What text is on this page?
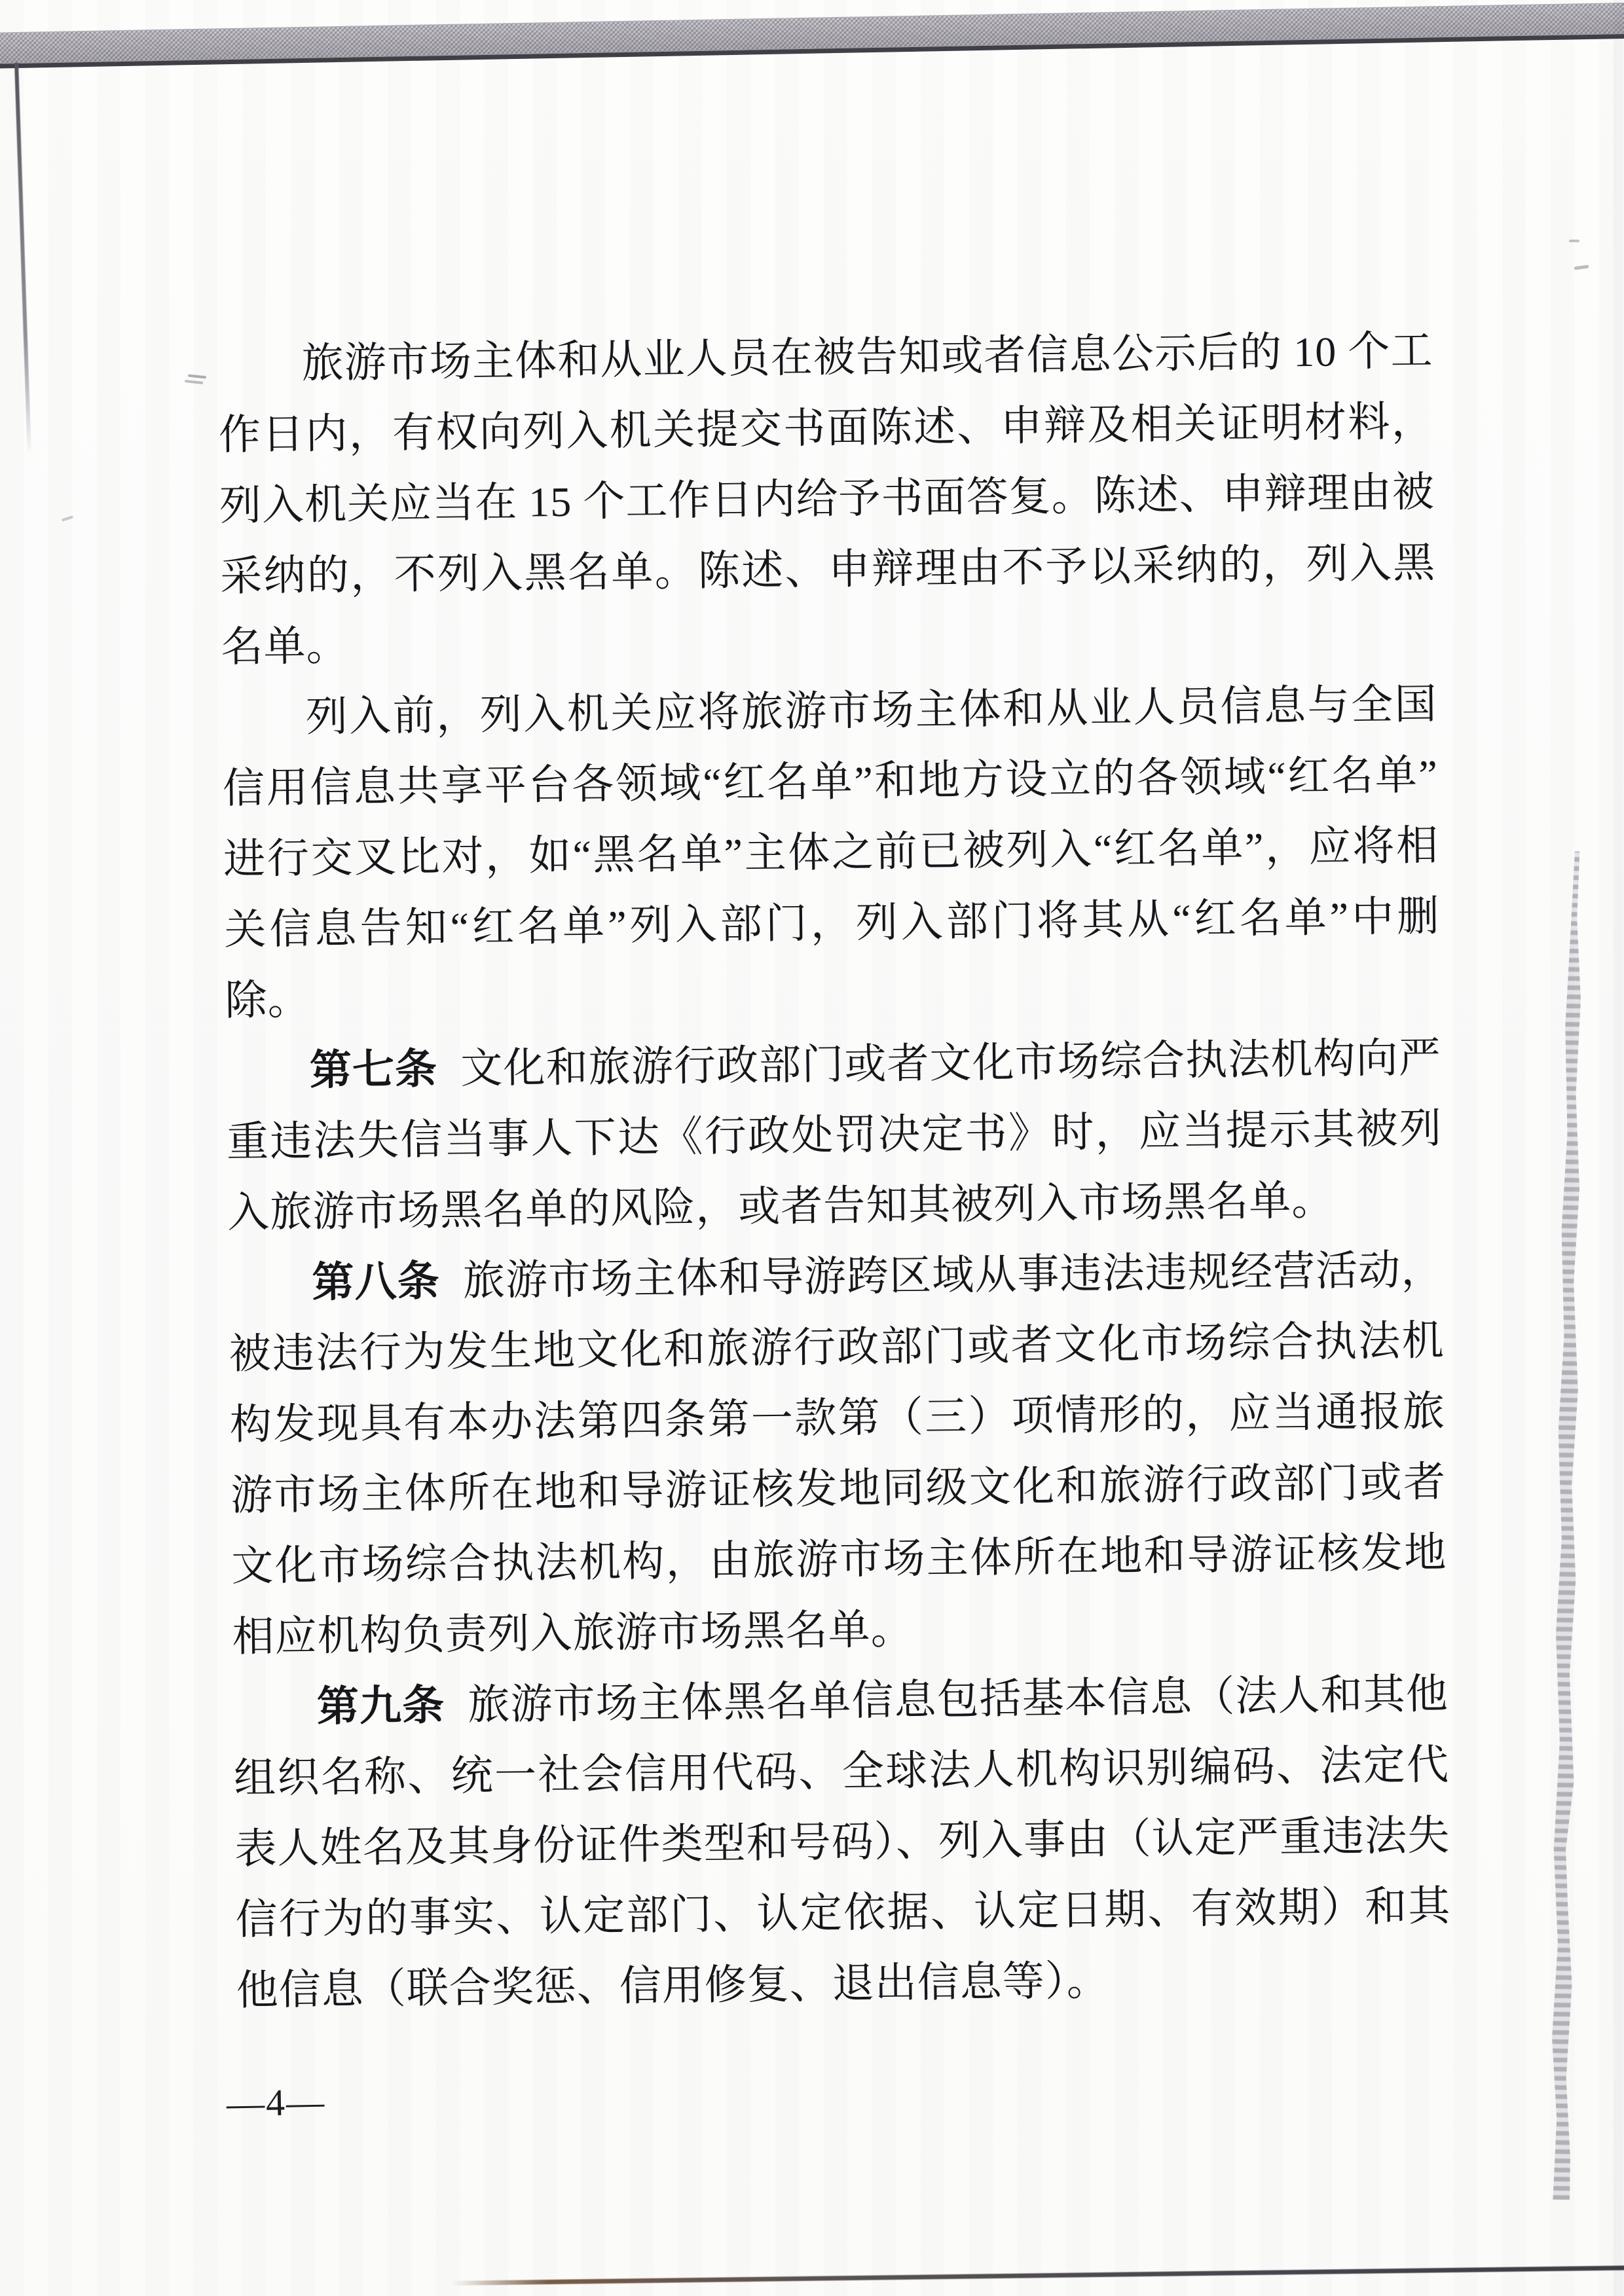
旅游市场主体和从业人员在被告知或者信息公示后的 10 个工作日内，有权向列入机关提交书面陈述、申辩及相关证明材料，列入机关应当在 15 个工作日内给予书面答复。陈述、申辩理由被采纳的，不列入黑名单。陈述、申辩理由不予以采纳的，列入黑名单。
列入前，列入机关应将旅游市场主体和从业人员信息与全国信用信息共享平台各领域“红名单”和地方设立的各领域“红名单”进行交叉比对，如“黑名单”主体之前已被列入“红名单”，应将相关信息告知“红名单”列入部门，列入部门将其从“红名单”中删除。
第七条 文化和旅游行政部门或者文化市场综合执法机构向严重违法失信当事人下达《行政处罚决定书》时，应当提示其被列入旅游市场黑名单的风险，或者告知其被列入市场黑名单。
第八条 旅游市场主体和导游跨区域从事违法违规经营活动，被违法行为发生地文化和旅游行政部门或者文化市场综合执法机构发现具有本办法第四条第一款第（三）项情形的，应当通报旅游市场主体所在地和导游证核发地同级文化和旅游行政部门或者文化市场综合执法机构，由旅游市场主体所在地和导游证核发地相应机构负责列入旅游市场黑名单。
第九条 旅游市场主体黑名单信息包括基本信息（法人和其他组织名称、统一社会信用代码、全球法人机构识别编码、法定代表人姓名及其身份证件类型和号码）、列入事由（认定严重违法失信行为的事实、认定部门、认定依据、认定日期、有效期）和其他信息（联合奖惩、信用修复、退出信息等）。
—4—
